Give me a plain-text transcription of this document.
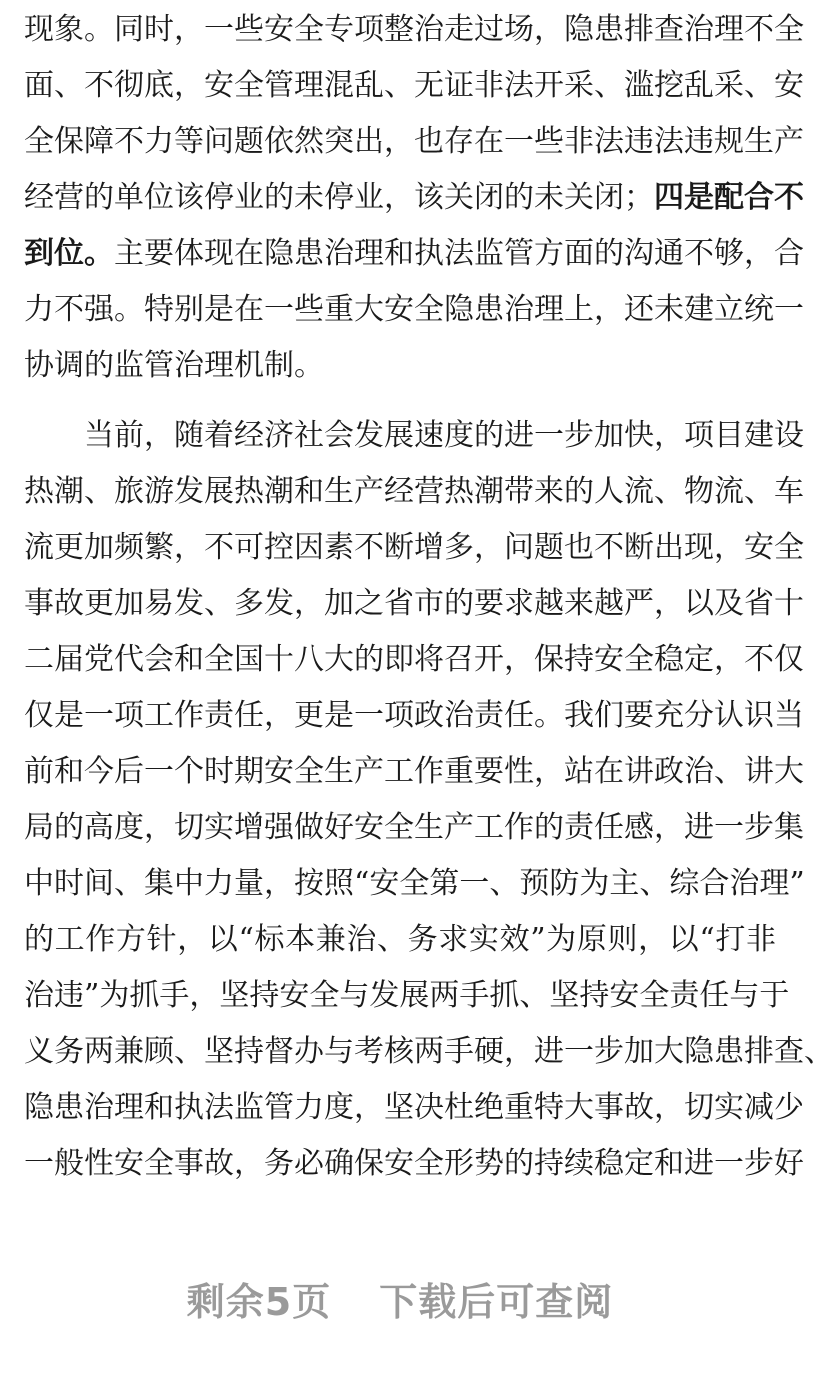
现象。同时，一些安全专项整治走过场，隐患排查治理不全
面、不彻底，安全管理混乱、无证非法开采、滥挖乱采、安
全保障不力等问题依然突出，也存在一些非法违法违规生产
经营的单位该停业的未停业，该关闭的未关闭；四是配合不
到位。主要体现在隐患治理和执法监管方面的沟通不够，合
力不强。特别是在一些重大安全隐患治理上，还未建立统一
协调的监管治理机制。
当前，随着经济社会发展速度的进一步加快，项目建设
热潮、旅游发展热潮和生产经营热潮带来的人流、物流、车
流更加频繁，不可控因素不断增多，问题也不断出现，安全
事故更加易发、多发，加之省市的要求越来越严，以及省十
二届党代会和全国十八大的即将召开，保持安全稳定，不仅
仅是一项工作责任，更是一项政治责任。我们要充分认识当
前和今后一个时期安全生产工作重要性，站在讲政治、讲大
局的高度，切实增强做好安全生产工作的责任感，进一步集
中时间、集中力量，按照“安全第一、预防为主、综合治理”
的工作方针，以“标本兼治、务求实效”为原则，以“打非
治违”为抓手，坚持安全与发展两手抓、坚持安全责任与于
义务两兼顾、坚持督办与考核两手硬，进一步加大隐患排查、
隐患治理和执法监管力度，坚决杜绝重特大事故，切实减少
一般性安全事故，务必确保安全形势的持续稳定和进一步好
剩余5页 下载后可查阅
